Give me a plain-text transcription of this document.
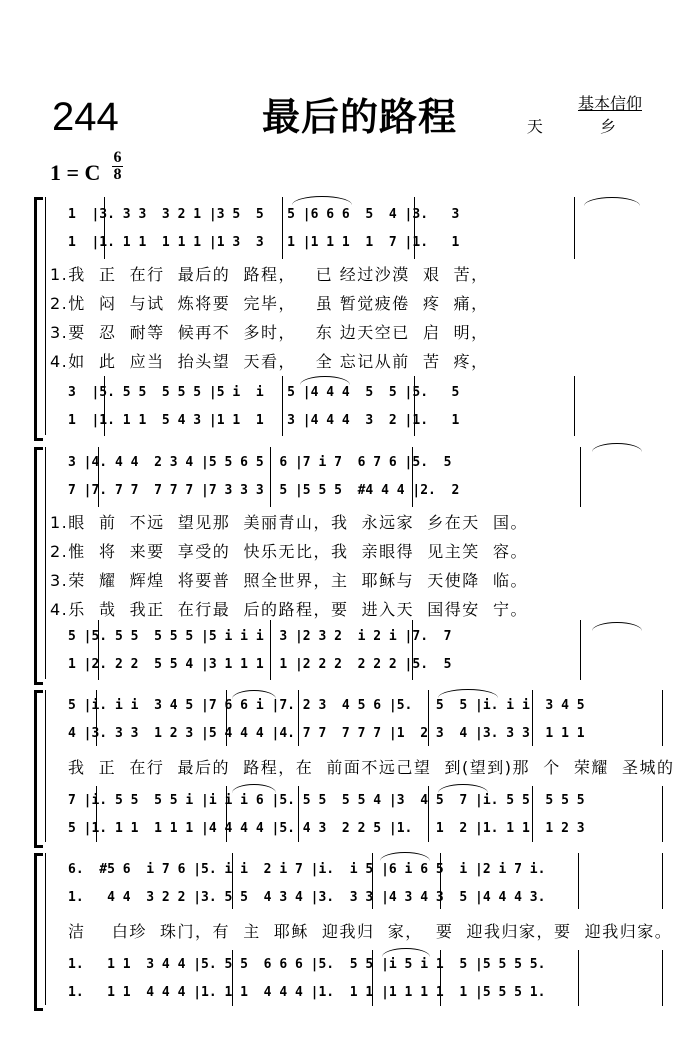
244	最后的路程	基本信仰
天 乡
1 = C
6
8
1  |3. 3 3  3 2 1 |3 5  5   5 |6 6 6  5  4 |3.   3
1  |1. 1 1  1 1 1 |1 3  3   1 |1 1 1  1  7 |1.   1
1.我  正  在行  最后的  路程，   已 经过沙漠  艰  苦，
2.忧  闷  与试  炼将要  完毕，   虽 暂觉疲倦  疼  痛，
3.要  忍  耐等  候再不  多时，   东 边天空已  启  明，
4.如  此  应当  抬头望  天看，   全 忘记从前  苦  疼，
3  |5. 5 5  5 5 5 |5 i  i   5 |4 4 4  5  5 |5.   5
1  |1. 1 1  5 4 3 |1 1  1   3 |4 4 4  3  2 |1.   1
3 |4. 4 4  2 3 4 |5 5 6 5  6 |7 i 7  6 7 6 |5.  5
7 |7. 7 7  7 7 7 |7 3 3 3  5 |5 5 5  #4 4 4 |2.  2
1.眼  前  不远  望见那  美丽青山，我  永远家  乡在天  国。
2.惟  将  来要  享受的  快乐无比，我  亲眼得  见主笑  容。
3.荣  耀  辉煌  将要普  照全世界，主  耶稣与  天使降  临。
4.乐  哉  我正  在行最  后的路程，要  进入天  国得安  宁。
5 |5. 5 5  5 5 5 |5 i i i  3 |2 3 2  i 2 i |7.  7
1 |2. 2 2  5 5 4 |3 1 1 1  1 |2 2 2  2 2 2 |5.  5
5 |i. i i  3 4 5 |7 6 6 i |7. 2 3  4 5 6 |5.   5  5 |i. i i  3 4 5
4 |3. 3 3  1 2 3 |5 4 4 4 |4. 7 7  7 7 7 |1  2 3  4 |3. 3 3  1 1 1
我  正  在行  最后的  路程，在  前面不远己望  到(望到)那  个  荣耀  圣城的
7 |i. 5 5  5 5 i |i i i 6 |5. 5 5  5 5 4 |3  4 5  7 |i. 5 5  5 5 5
5 |1. 1 1  1 1 1 |4 4 4 4 |5. 4 3  2 2 5 |1.   1  2 |1. 1 1  1 2 3
6.  #5 6  i 7 6 |5. i i  2 i 7 |i.  i 5 |6 i 6 5  i |2 i 7 i.
1.   4 4  3 2 2 |3. 5 5  4 3 4 |3.  3 3 |4 3 4 3  5 |4 4 4 3.
洁    白珍  珠门，有  主  耶稣  迎我归  家，  要  迎我归家，要  迎我归家。
1.   1 1  3 4 4 |5. 5 5  6 6 6 |5.  5 5 |i 5 i 1  5 |5 5 5 5.
1.   1 1  4 4 4 |1. 1 1  4 4 4 |1.  1 1 |1 1 1 1  1 |5 5 5 1.
